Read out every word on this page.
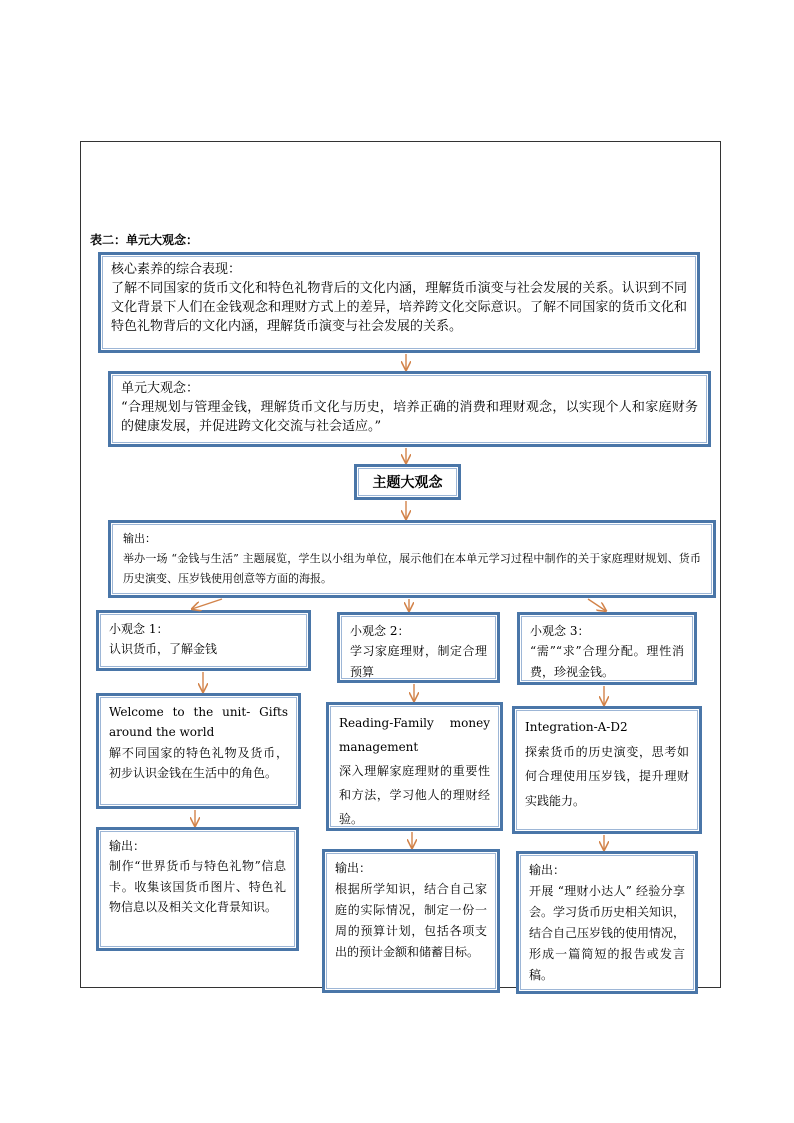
表二：单元大观念：

核心素养的综合表现：

了解不同国家的货币文化和特色礼物背后的文化内涵，理解货币演变与社会发展的关系。认识到不同文化背景下人们在金钱观念和理财方式上的差异，培养跨文化交际意识。了解不同国家的货币文化和特色礼物背后的文化内涵，理解货币演变与社会发展的关系。

单元大观念：

“合理规划与管理金钱，理解货币文化与历史，培养正确的消费和理财观念，以实现个人和家庭财务的健康发展，并促进跨文化交流与社会适应。”

主题大观念

输出：

举办一场 “金钱与生活” 主题展览，学生以小组为单位，展示他们在本单元学习过程中制作的关于家庭理财规划、货币历史演变、压岁钱使用创意等方面的海报。

小观念 1：

认识货币，了解金钱

Welcome to the unit- Gifts around the world

解不同国家的特色礼物及货币，初步认识金钱在生活中的角色。

输出：

制作“世界货币与特色礼物”信息卡。收集该国货币图片、特色礼物信息以及相关文化背景知识。

小观念 2：

学习家庭理财，制定合理预算

Reading-Family money management

深入理解家庭理财的重要性和方法，学习他人的理财经验。

输出：

根据所学知识，结合自己家庭的实际情况，制定一份一周的预算计划，包括各项支出的预计金额和储蓄目标。

小观念 3：

“需”“求”合理分配。理性消费，珍视金钱。

Integration-A-D2

探索货币的历史演变，思考如何合理使用压岁钱，提升理财实践能力。

输出：

开展 “理财小达人” 经验分享会。学习货币历史相关知识，结合自己压岁钱的使用情况，形成一篇简短的报告或发言稿。
